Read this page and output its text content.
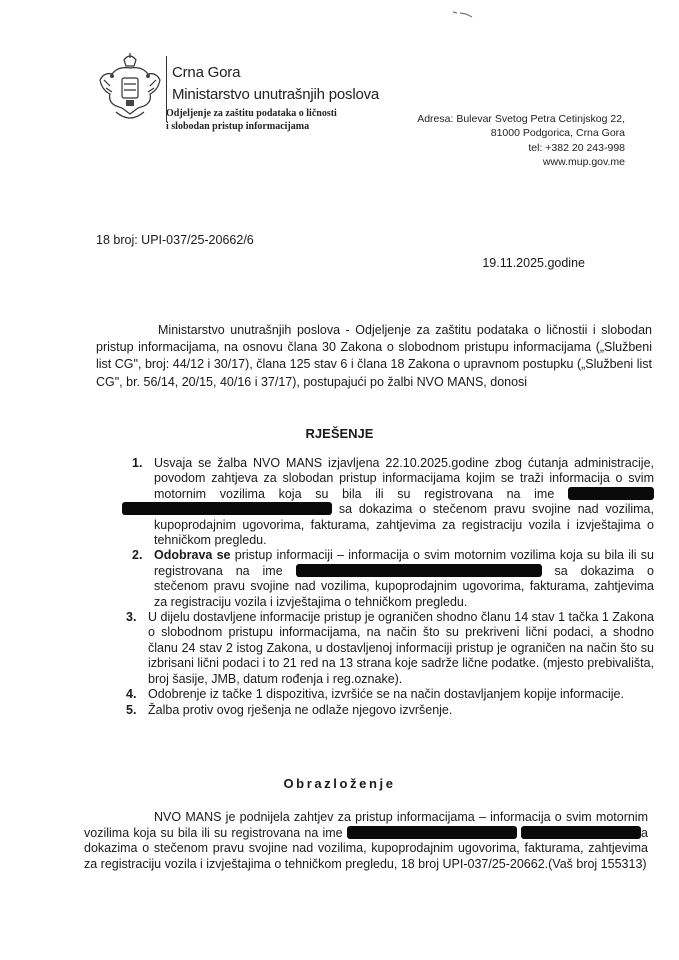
Crna Gora
Ministarstvo unutrašnjih poslova
Odjeljenje za zaštitu podataka o ličnosti
i slobodan pristup informacijama
Adresa: Bulevar Svetog Petra Cetinjskog 22,
81000 Podgorica, Crna Gora
tel: +382 20 243-998
www.mup.gov.me
18 broj: UPI-037/25-20662/6
19.11.2025.godine
Ministarstvo unutrašnjih poslova - Odjeljenje za zaštitu podataka o ličnostii i slobodan pristup informacijama, na osnovu člana 30 Zakona o slobodnom pristupu informacijama („Službeni list CG", broj: 44/12 i 30/17), člana 125 stav 6 i člana 18 Zakona o upravnom postupku („Službeni list CG", br. 56/14, 20/15, 40/16 i 37/17), postupajući po žalbi NVO MANS, donosi
RJEŠENJE
1. Usvaja se žalba NVO MANS izjavljena 22.10.2025.godine zbog ćutanja administracije, povodom zahtjeva za slobodan pristup informacijama kojim se traži informacija o svim motornim vozilima koja su bila ili su registrovana na ime   sa dokazima o stečenom pravu svojine nad vozilima, kupoprodajnim ugovorima, fakturama, zahtjevima za registraciju vozila i izvještajima o tehničkom pregledu.
2. Odobrava se pristup informaciji – informacija o svim motornim vozilima koja su bila ili su registrovana na ime	sa dokazima o stečenom pravu svojine nad vozilima, kupoprodajnim ugovorima, fakturama, zahtjevima za registraciju vozila i izvještajima o tehničkom pregledu.
3. U dijelu dostavljene informacije pristup je ograničen shodno članu 14 stav 1 tačka 1 Zakona o slobodnom pristupu informacijama, na način što su prekriveni lični podaci, a shodno članu 24 stav 2 istog Zakona, u dostavljenoj informaciji pristup je ograničen na način što su izbrisani lični podaci i to 21 red na 13 strana koje sadrže lične podatke. (mjesto prebivališta, broj šasije, JMB, datum rođenja i reg.oznake).
4. Odobrenje iz tačke 1 dispozitiva, izvršiće se na način dostavljanjem kopije informacije.
5. Žalba protiv ovog rješenja ne odlaže njegovo izvršenje.
Obrazloženje
NVO MANS je podnijela zahtjev za pristup informacijama – informacija o svim motornim vozilima koja su bila ili su registrovana na ime	a dokazima o stečenom pravu svojine nad vozilima, kupoprodajnim ugovorima, fakturama, zahtjevima za registraciju vozila i izvještajima o tehničkom pregledu, 18 broj UPI-037/25-20662.(Vaš broj 155313)
